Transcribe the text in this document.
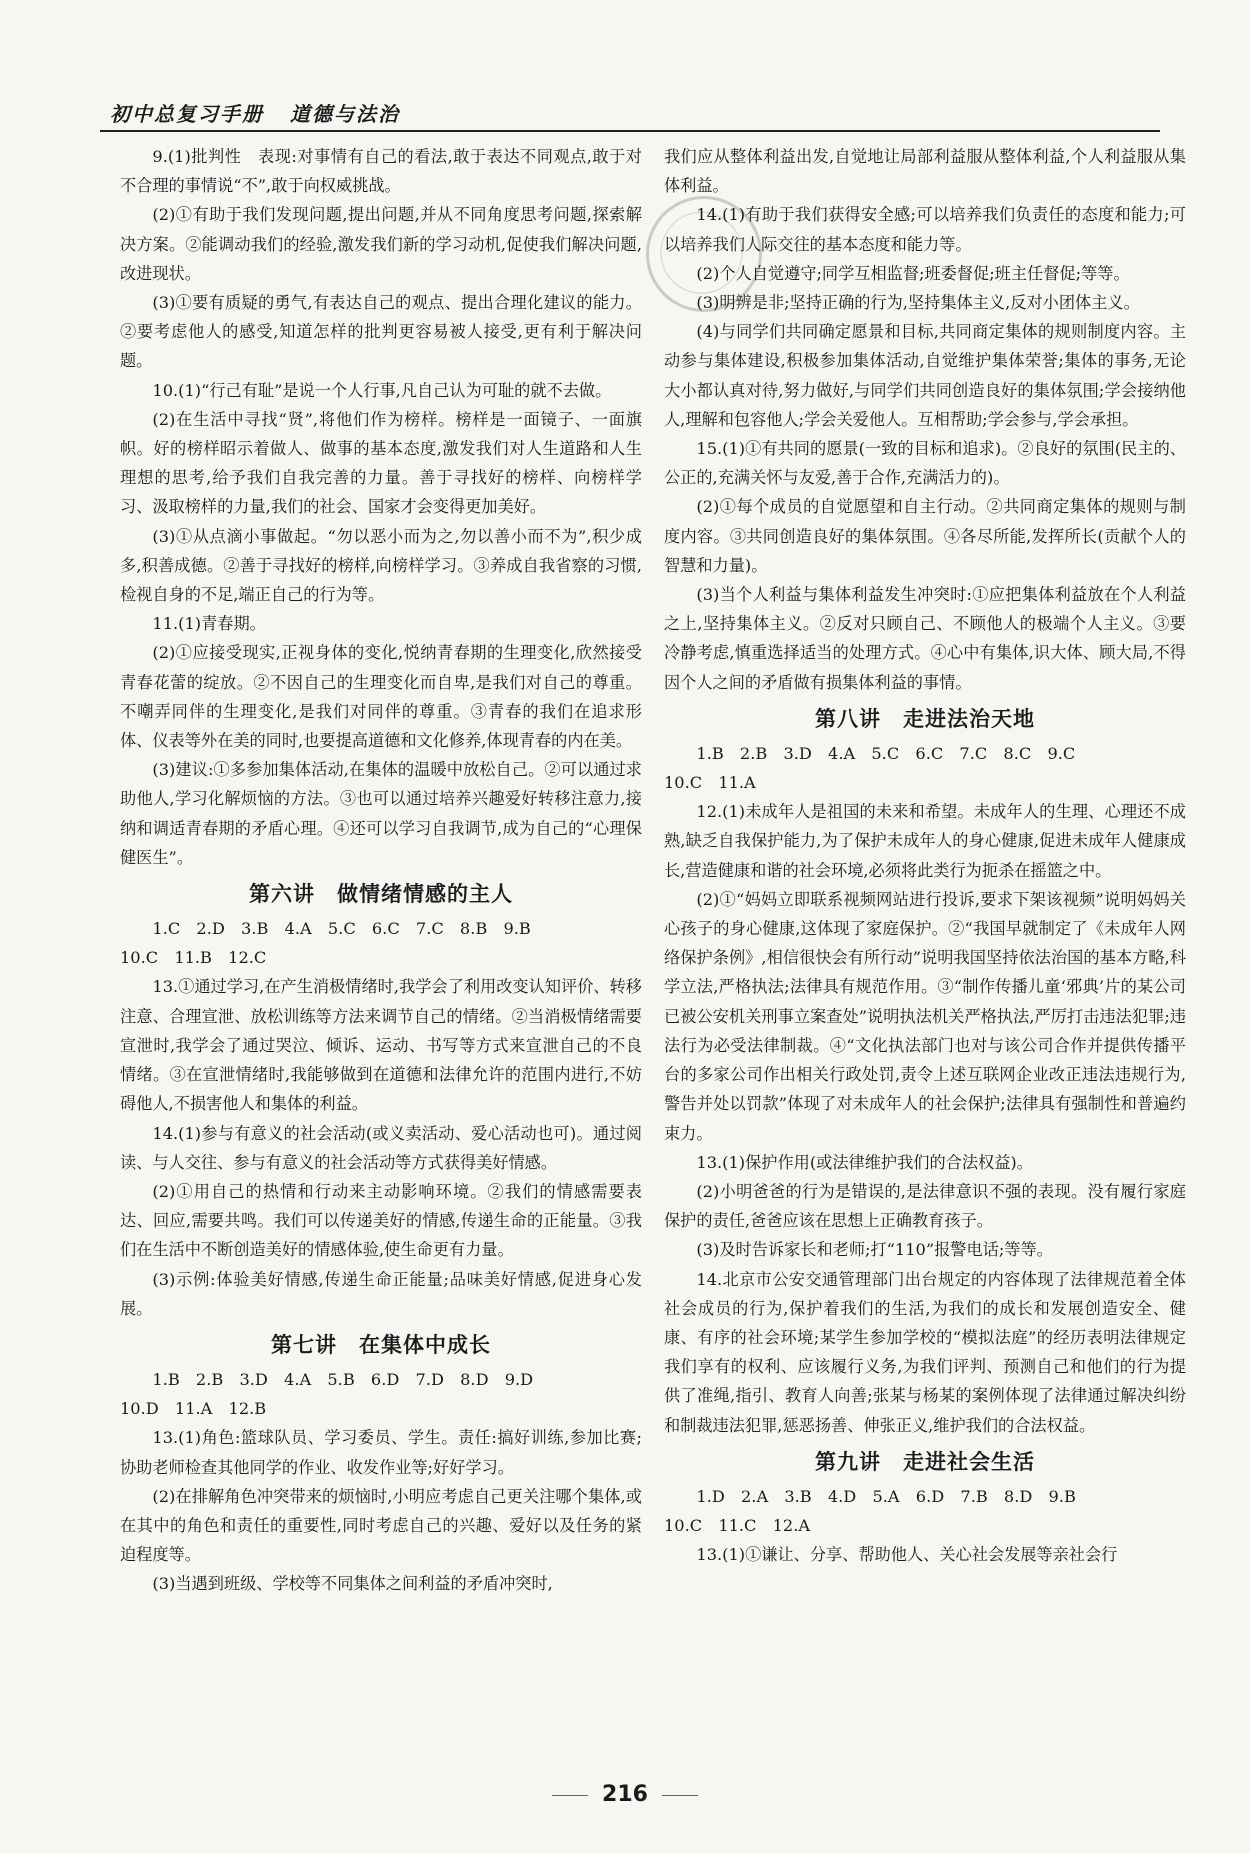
初中总复习手册 道德与法治

9.(1)批判性　表现:对事情有自己的看法,敢于表达不同观点,敢于对不合理的事情说“不”,敢于向权威挑战。

(2)①有助于我们发现问题,提出问题,并从不同角度思考问题,探索解决方案。②能调动我们的经验,激发我们新的学习动机,促使我们解决问题,改进现状。

(3)①要有质疑的勇气,有表达自己的观点、提出合理化建议的能力。②要考虑他人的感受,知道怎样的批判更容易被人接受,更有利于解决问题。

10.(1)“行己有耻”是说一个人行事,凡自己认为可耻的就不去做。

(2)在生活中寻找“贤”,将他们作为榜样。榜样是一面镜子、一面旗帜。好的榜样昭示着做人、做事的基本态度,激发我们对人生道路和人生理想的思考,给予我们自我完善的力量。善于寻找好的榜样、向榜样学习、汲取榜样的力量,我们的社会、国家才会变得更加美好。

(3)①从点滴小事做起。“勿以恶小而为之,勿以善小而不为”,积少成多,积善成德。②善于寻找好的榜样,向榜样学习。③养成自我省察的习惯,检视自身的不足,端正自己的行为等。

11.(1)青春期。

(2)①应接受现实,正视身体的变化,悦纳青春期的生理变化,欣然接受青春花蕾的绽放。②不因自己的生理变化而自卑,是我们对自己的尊重。不嘲弄同伴的生理变化,是我们对同伴的尊重。③青春的我们在追求形体、仪表等外在美的同时,也要提高道德和文化修养,体现青春的内在美。

(3)建议:①多参加集体活动,在集体的温暖中放松自己。②可以通过求助他人,学习化解烦恼的方法。③也可以通过培养兴趣爱好转移注意力,接纳和调适青春期的矛盾心理。④还可以学习自我调节,成为自己的“心理保健医生”。

第六讲 做情绪情感的主人

1.C　2.D　3.B　4.A　5.C　6.C　7.C　8.B　9.B

10.C　11.B　12.C

13.①通过学习,在产生消极情绪时,我学会了利用改变认知评价、转移注意、合理宣泄、放松训练等方法来调节自己的情绪。②当消极情绪需要宣泄时,我学会了通过哭泣、倾诉、运动、书写等方式来宣泄自己的不良情绪。③在宣泄情绪时,我能够做到在道德和法律允许的范围内进行,不妨碍他人,不损害他人和集体的利益。

14.(1)参与有意义的社会活动(或义卖活动、爱心活动也可)。通过阅读、与人交往、参与有意义的社会活动等方式获得美好情感。

(2)①用自己的热情和行动来主动影响环境。②我们的情感需要表达、回应,需要共鸣。我们可以传递美好的情感,传递生命的正能量。③我们在生活中不断创造美好的情感体验,使生命更有力量。

(3)示例:体验美好情感,传递生命正能量;品味美好情感,促进身心发展。

第七讲 在集体中成长

1.B　2.B　3.D　4.A　5.B　6.D　7.D　8.D　9.D

10.D　11.A　12.B

13.(1)角色:篮球队员、学习委员、学生。责任:搞好训练,参加比赛;协助老师检查其他同学的作业、收发作业等;好好学习。

(2)在排解角色冲突带来的烦恼时,小明应考虑自己更关注哪个集体,或在其中的角色和责任的重要性,同时考虑自己的兴趣、爱好以及任务的紧迫程度等。

(3)当遇到班级、学校等不同集体之间利益的矛盾冲突时,

我们应从整体利益出发,自觉地让局部利益服从整体利益,个人利益服从集体利益。

14.(1)有助于我们获得安全感;可以培养我们负责任的态度和能力;可以培养我们人际交往的基本态度和能力等。

(2)个人自觉遵守;同学互相监督;班委督促;班主任督促;等等。

(3)明辨是非;坚持正确的行为,坚持集体主义,反对小团体主义。

(4)与同学们共同确定愿景和目标,共同商定集体的规则制度内容。主动参与集体建设,积极参加集体活动,自觉维护集体荣誉;集体的事务,无论大小都认真对待,努力做好,与同学们共同创造良好的集体氛围;学会接纳他人,理解和包容他人;学会关爱他人。互相帮助;学会参与,学会承担。

15.(1)①有共同的愿景(一致的目标和追求)。②良好的氛围(民主的、公正的,充满关怀与友爱,善于合作,充满活力的)。

(2)①每个成员的自觉愿望和自主行动。②共同商定集体的规则与制度内容。③共同创造良好的集体氛围。④各尽所能,发挥所长(贡献个人的智慧和力量)。

(3)当个人利益与集体利益发生冲突时:①应把集体利益放在个人利益之上,坚持集体主义。②反对只顾自己、不顾他人的极端个人主义。③要冷静考虑,慎重选择适当的处理方式。④心中有集体,识大体、顾大局,不得因个人之间的矛盾做有损集体利益的事情。

第八讲 走进法治天地

1.B　2.B　3.D　4.A　5.C　6.C　7.C　8.C　9.C

10.C　11.A

12.(1)未成年人是祖国的未来和希望。未成年人的生理、心理还不成熟,缺乏自我保护能力,为了保护未成年人的身心健康,促进未成年人健康成长,营造健康和谐的社会环境,必须将此类行为扼杀在摇篮之中。

(2)①“妈妈立即联系视频网站进行投诉,要求下架该视频”说明妈妈关心孩子的身心健康,这体现了家庭保护。②“我国早就制定了《未成年人网络保护条例》,相信很快会有所行动”说明我国坚持依法治国的基本方略,科学立法,严格执法;法律具有规范作用。③“制作传播儿童‘邪典’片的某公司已被公安机关刑事立案查处”说明执法机关严格执法,严厉打击违法犯罪;违法行为必受法律制裁。④“文化执法部门也对与该公司合作并提供传播平台的多家公司作出相关行政处罚,责令上述互联网企业改正违法违规行为,警告并处以罚款”体现了对未成年人的社会保护;法律具有强制性和普遍约束力。

13.(1)保护作用(或法律维护我们的合法权益)。

(2)小明爸爸的行为是错误的,是法律意识不强的表现。没有履行家庭保护的责任,爸爸应该在思想上正确教育孩子。

(3)及时告诉家长和老师;打“110”报警电话;等等。

14.北京市公安交通管理部门出台规定的内容体现了法律规范着全体社会成员的行为,保护着我们的生活,为我们的成长和发展创造安全、健康、有序的社会环境;某学生参加学校的“模拟法庭”的经历表明法律规定我们享有的权利、应该履行义务,为我们评判、预测自己和他们的行为提供了准绳,指引、教育人向善;张某与杨某的案例体现了法律通过解决纠纷和制裁违法犯罪,惩恶扬善、伸张正义,维护我们的合法权益。

第九讲 走进社会生活

1.D　2.A　3.B　4.D　5.A　6.D　7.B　8.D　9.B

10.C　11.C　12.A

13.(1)①谦让、分享、帮助他人、关心社会发展等亲社会行

216
